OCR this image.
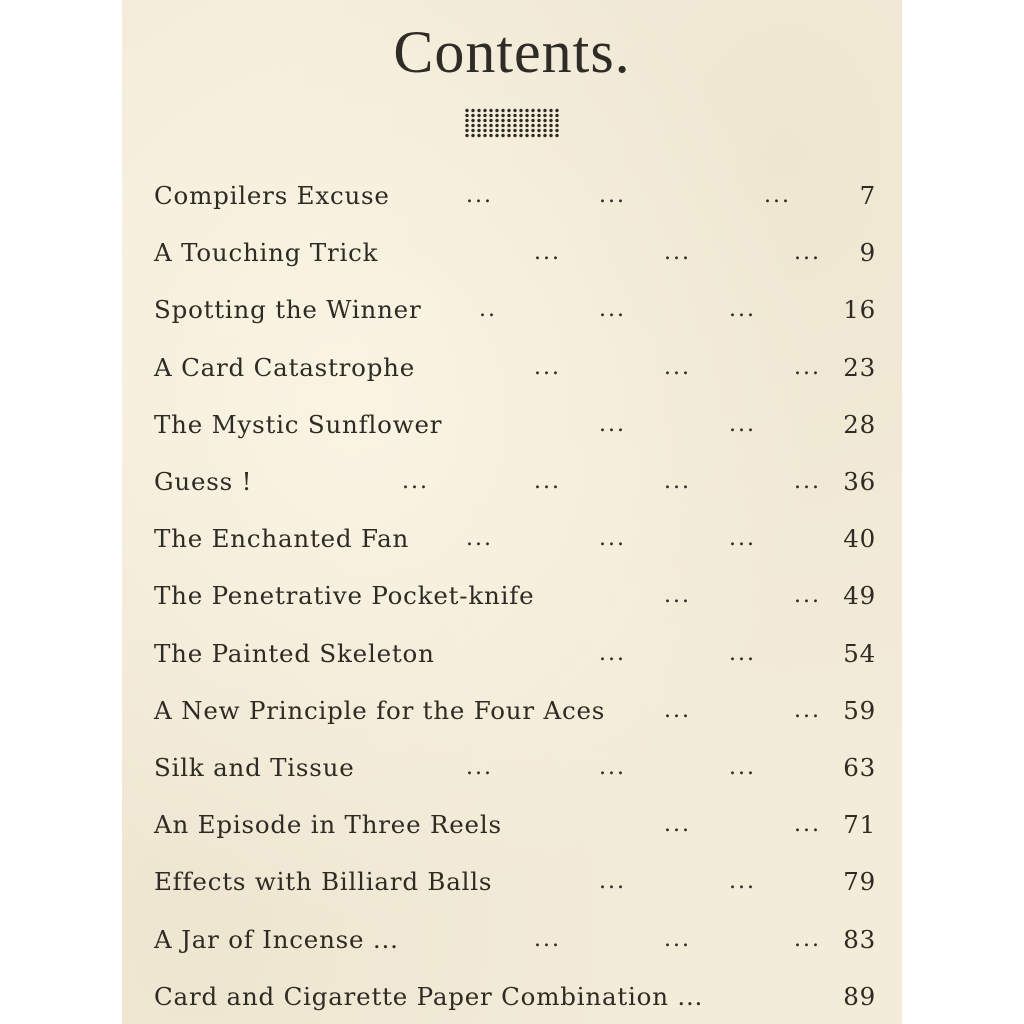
Contents.
Compilers Excuse	...	...	...	7
A Touching Trick	...	...	... 9
Spotting the Winner	..	...	...	16
A Card Catastrophe	...	...	... 23
The Mystic Sunflower	...	...	28
Guess !	...	...	...	... 36
The Enchanted Fan	...	...	...	40
The Penetrative Pocket-knife	...	... 49
The Painted Skeleton	...	...	54
A New Principle for the Four Aces	...	... 59
Silk and Tissue	...	...	...	63
An Episode in Three Reels	...	... 71
Effects with Billiard Balls	...	...	79
A Jar of Incense ...	...	...	... 83
Card and Cigarette Paper Combination ...	89
